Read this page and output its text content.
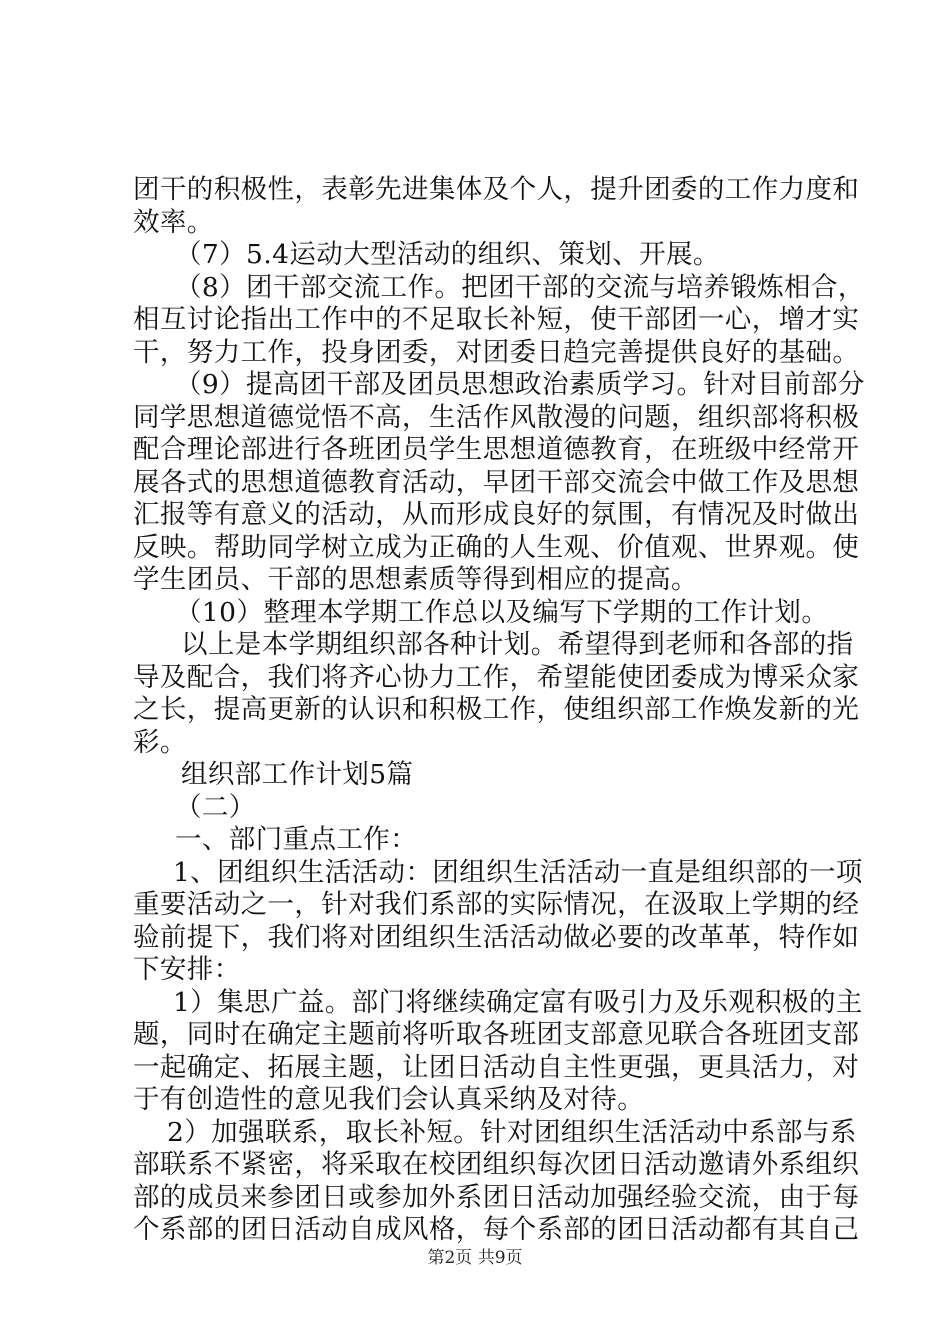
团干的积极性，表彰先进集体及个人，提升团委的工作力度和
效率。
（7）5.4运动大型活动的组织、策划、开展。
（8）团干部交流工作。把团干部的交流与培养锻炼相合，
相互讨论指出工作中的不足取长补短，使干部团一心，增才实
干，努力工作，投身团委，对团委日趋完善提供良好的基础。
（9）提高团干部及团员思想政治素质学习。针对目前部分
同学思想道德觉悟不高，生活作风散漫的问题，组织部将积极
配合理论部进行各班团员学生思想道德教育，在班级中经常开
展各式的思想道德教育活动，早团干部交流会中做工作及思想
汇报等有意义的活动，从而形成良好的氛围，有情况及时做出
反映。帮助同学树立成为正确的人生观、价值观、世界观。使
学生团员、干部的思想素质等得到相应的提高。
（10）整理本学期工作总以及编写下学期的工作计划。
以上是本学期组织部各种计划。希望得到老师和各部的指
导及配合，我们将齐心协力工作，希望能使团委成为博采众家
之长，提高更新的认识和积极工作，使组织部工作焕发新的光
彩。
组织部工作计划5篇
（二）
一、部门重点工作：
1、团组织生活活动：团组织生活活动一直是组织部的一项
重要活动之一，针对我们系部的实际情况，在汲取上学期的经
验前提下，我们将对团组织生活活动做必要的改革革，特作如
下安排：
1）集思广益。部门将继续确定富有吸引力及乐观积极的主
题，同时在确定主题前将听取各班团支部意见联合各班团支部
一起确定、拓展主题，让团日活动自主性更强，更具活力，对
于有创造性的意见我们会认真采纳及对待。
2）加强联系，取长补短。针对团组织生活活动中系部与系
部联系不紧密，将采取在校团组织每次团日活动邀请外系组织
部的成员来参团日或参加外系团日活动加强经验交流，由于每
个系部的团日活动自成风格，每个系部的团日活动都有其自己
第2页 共9页
